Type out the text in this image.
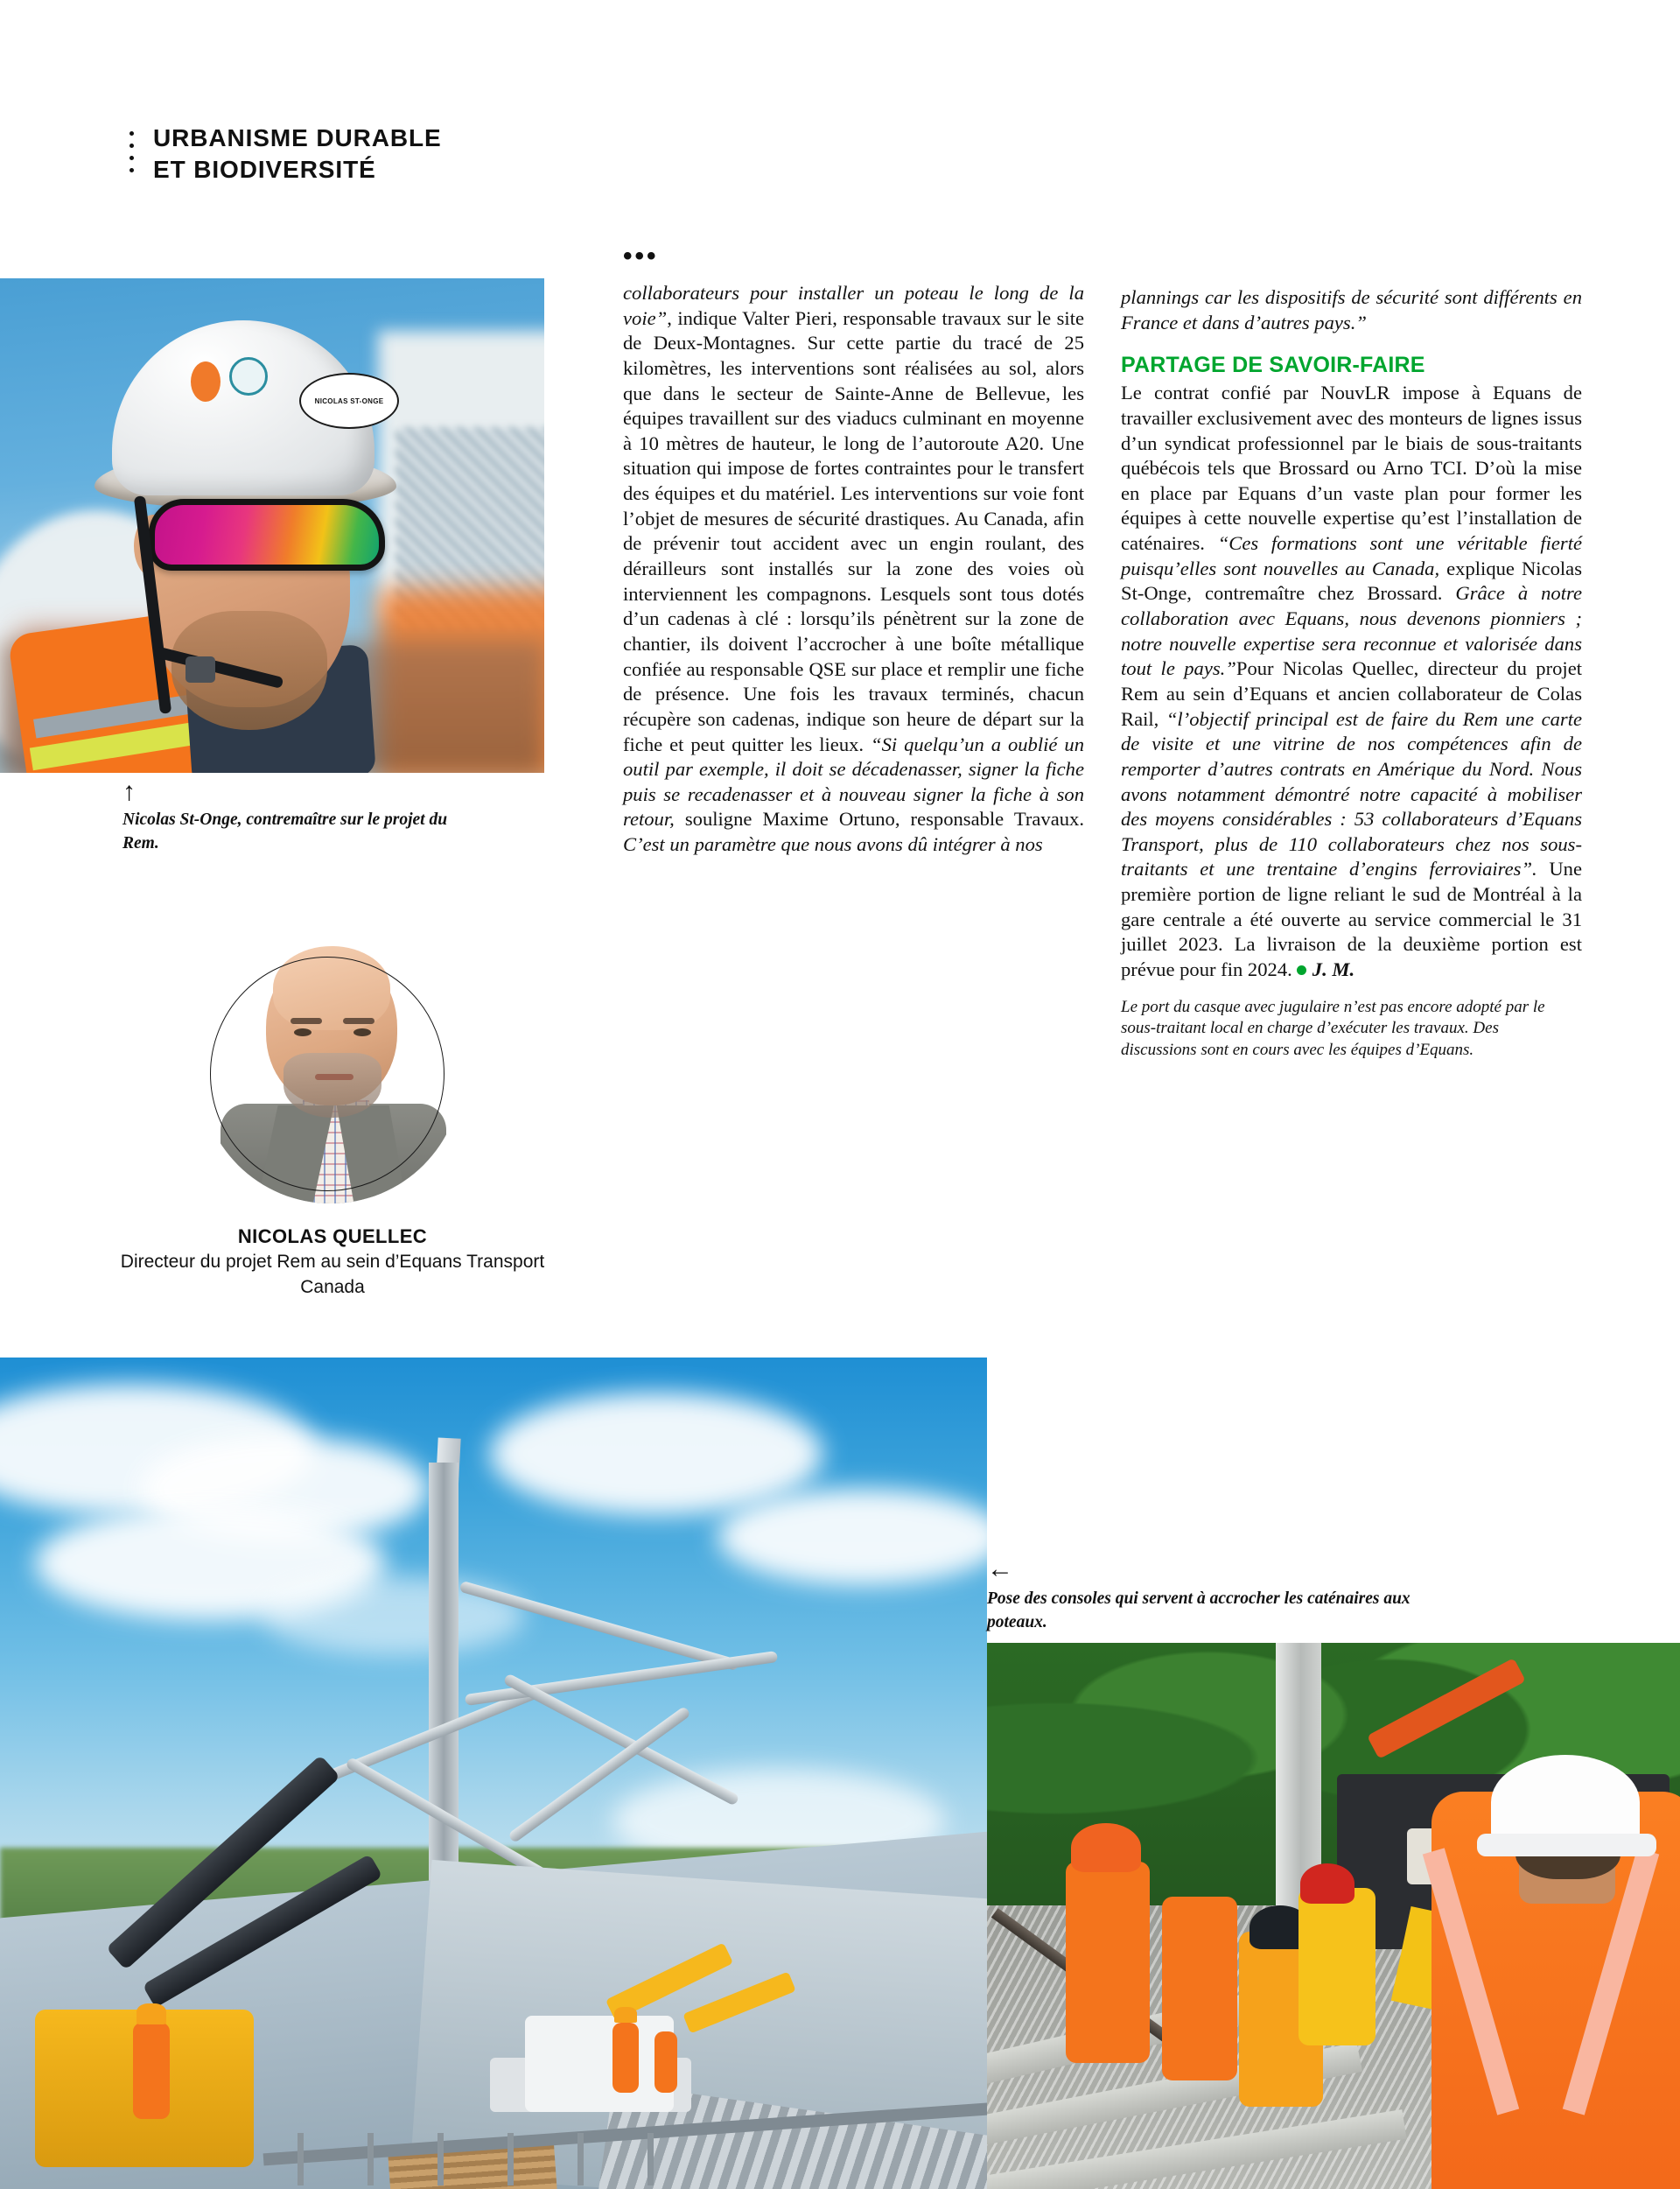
URBANISME DURABLE
ET BIODIVERSITÉ
NICOLAS ST-ONGE
↑
Nicolas St-Onge, contremaître sur le projet du Rem.
NICOLAS QUELLEC
Directeur du projet Rem au sein d’Equans Transport Canada
←
Pose des consoles qui servent à accrocher les caténaires aux poteaux.
•••
collaborateurs pour installer un poteau le long de la voie”, indique Valter Pieri, responsable travaux sur le site de Deux-Montagnes. Sur cette partie du tracé de 25 kilomètres, les interventions sont réalisées au sol, alors que dans le secteur de Sainte-Anne de Bellevue, les équipes travaillent sur des viaducs culminant en moyenne à 10 mètres de hauteur, le long de l’autoroute A20. Une situation qui impose de fortes contraintes pour le transfert des équipes et du matériel. Les interventions sur voie font l’objet de mesures de sécurité drastiques. Au Canada, afin de prévenir tout accident avec un engin roulant, des dérailleurs sont installés sur la zone des voies où interviennent les compagnons. Lesquels sont tous dotés d’un cadenas à clé : lorsqu’ils pénètrent sur la zone de chantier, ils doivent l’accrocher à une boîte métallique confiée au responsable QSE sur place et remplir une fiche de présence. Une fois les travaux terminés, chacun récupère son cadenas, indique son heure de départ sur la fiche et peut quitter les lieux. “Si quelqu’un a oublié un outil par exemple, il doit se décadenasser, signer la fiche puis se recadenasser et à nouveau signer la fiche à son retour, souligne Maxime Ortuno, responsable Travaux. C’est un paramètre que nous avons dû intégrer à nos
plannings car les dispositifs de sécurité sont différents en France et dans d’autres pays.”
PARTAGE DE SAVOIR-FAIRE
Le contrat confié par NouvLR impose à Equans de travailler exclusivement avec des monteurs de lignes issus d’un syndicat professionnel par le biais de sous-traitants québécois tels que Brossard ou Arno TCI. D’où la mise en place par Equans d’un vaste plan pour former les équipes à cette nouvelle expertise qu’est l’installation de caténaires. “Ces formations sont une véritable fierté puisqu’elles sont nouvelles au Canada, explique Nicolas St-Onge, contremaître chez Brossard. Grâce à notre collaboration avec Equans, nous devenons pionniers ; notre nouvelle expertise sera reconnue et valorisée dans tout le pays.”Pour Nicolas Quellec, directeur du projet Rem au sein d’Equans et ancien collaborateur de Colas Rail, “l’objectif principal est de faire du Rem une carte de visite et une vitrine de nos compétences afin de remporter d’autres contrats en Amérique du Nord. Nous avons notamment démontré notre capacité à mobiliser des moyens considérables : 53 collaborateurs d’Equans Transport, plus de 110 collaborateurs chez nos sous-traitants et une trentaine d’engins ferroviaires”. Une première portion de ligne reliant le sud de Montréal à la gare centrale a été ouverte au service commercial le 31 juillet 2023. La livraison de la deuxième portion est prévue pour fin 2024. J. M.
Le port du casque avec jugulaire n’est pas encore adopté par le sous-traitant local en charge d’exécuter les travaux. Des discussions sont en cours avec les équipes d’Equans.
